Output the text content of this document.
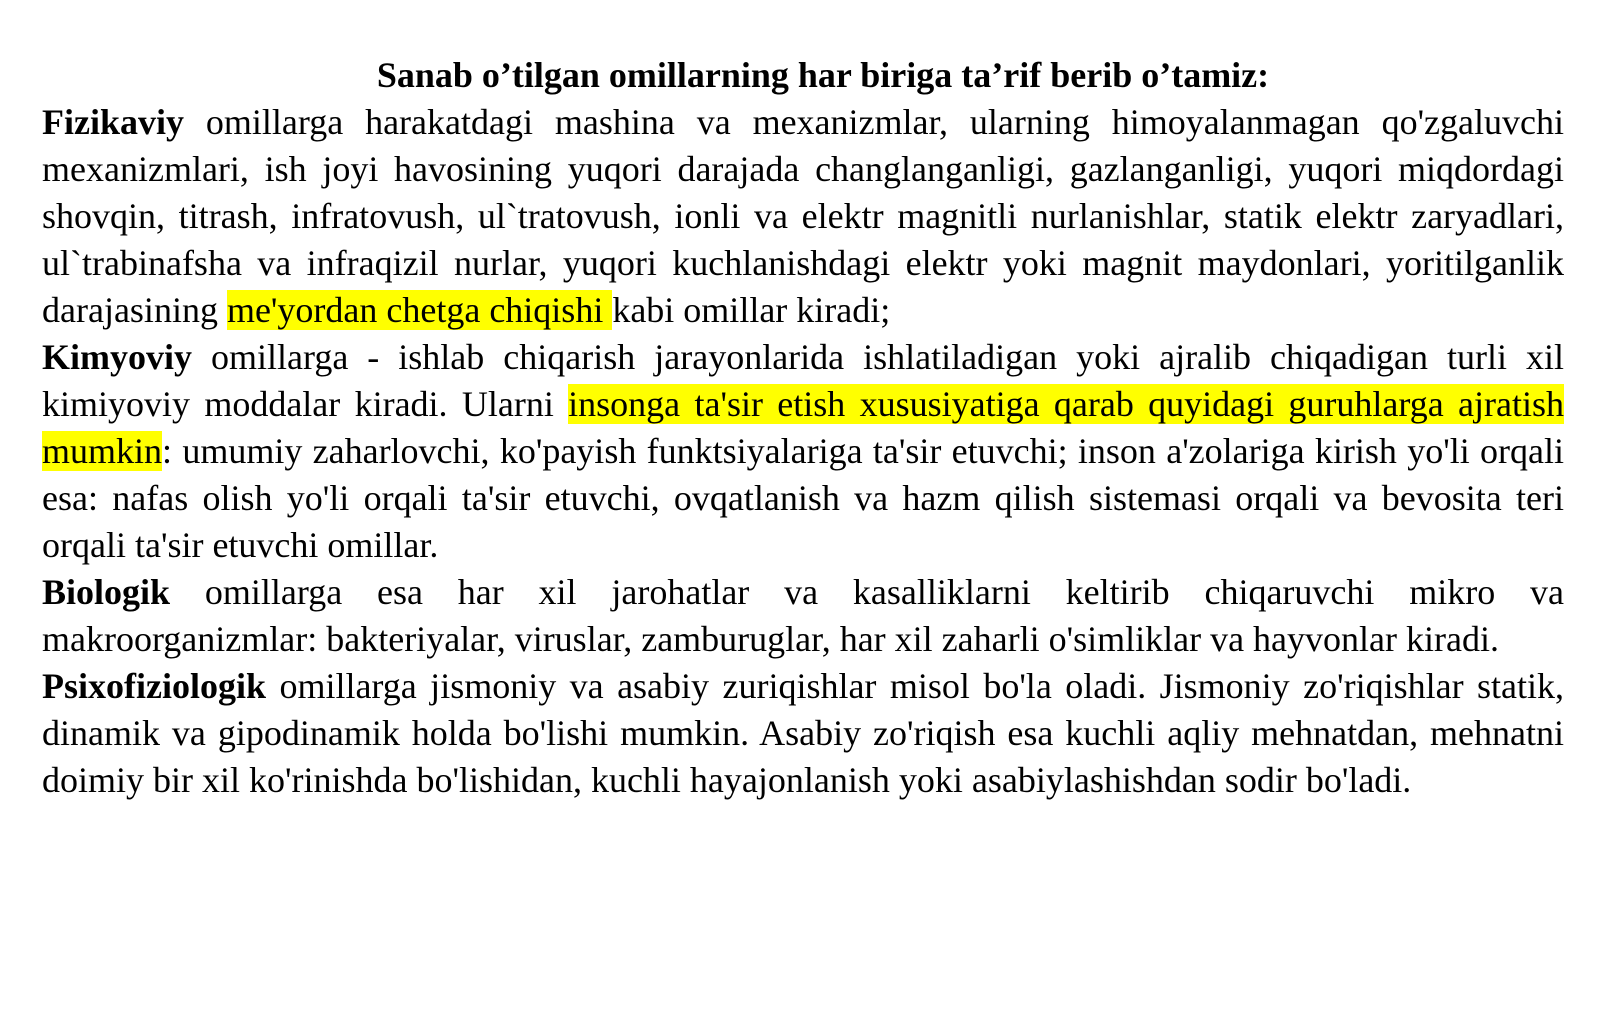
Sanab o’tilgan omillarning har biriga ta’rif berib o’tamiz:

Fizikaviy omillarga harakatdagi mashina va mexanizmlar, ularning himoyalanmagan qo'zgaluvchi mexanizmlari, ish joyi havosining yuqori darajada changlanganligi, gazlanganligi, yuqori miqdordagi shovqin, titrash, infratovush, ul`tratovush, ionli va elektr magnitli nurlanishlar, statik elektr zaryadlari, ul`trabinafsha va infraqizil nurlar, yuqori kuchlanishdagi elektr yoki magnit maydonlari, yoritilganlik darajasining me'yordan chetga chiqishi kabi omillar kiradi;

Kimyoviy omillarga - ishlab chiqarish jarayonlarida ishlatiladigan yoki ajralib chiqadigan turli xil kimiyoviy moddalar kiradi. Ularni insonga ta'sir etish xususiyatiga qarab quyidagi guruhlarga ajratish mumkin: umumiy zaharlovchi, ko'payish funktsiyalariga ta'sir etuvchi; inson a'zolariga kirish yo'li orqali esa: nafas olish yo'li orqali ta'sir etuvchi, ovqatlanish va hazm qilish sistemasi orqali va bevosita teri orqali ta'sir etuvchi omillar.

Biologik omillarga esa har xil jarohatlar va kasalliklarni keltirib chiqaruvchi mikro va makroorganizmlar: bakteriyalar, viruslar, zamburuglar, har xil zaharli o'simliklar va hayvonlar kiradi.

Psixofiziologik omillarga jismoniy va asabiy zuriqishlar misol bo'la oladi. Jismoniy zo'riqishlar statik, dinamik va gipodinamik holda bo'lishi mumkin. Asabiy zo'riqish esa kuchli aqliy mehnatdan, mehnatni doimiy bir xil ko'rinishda bo'lishidan, kuchli hayajonlanish yoki asabiylashishdan sodir bo'ladi.
